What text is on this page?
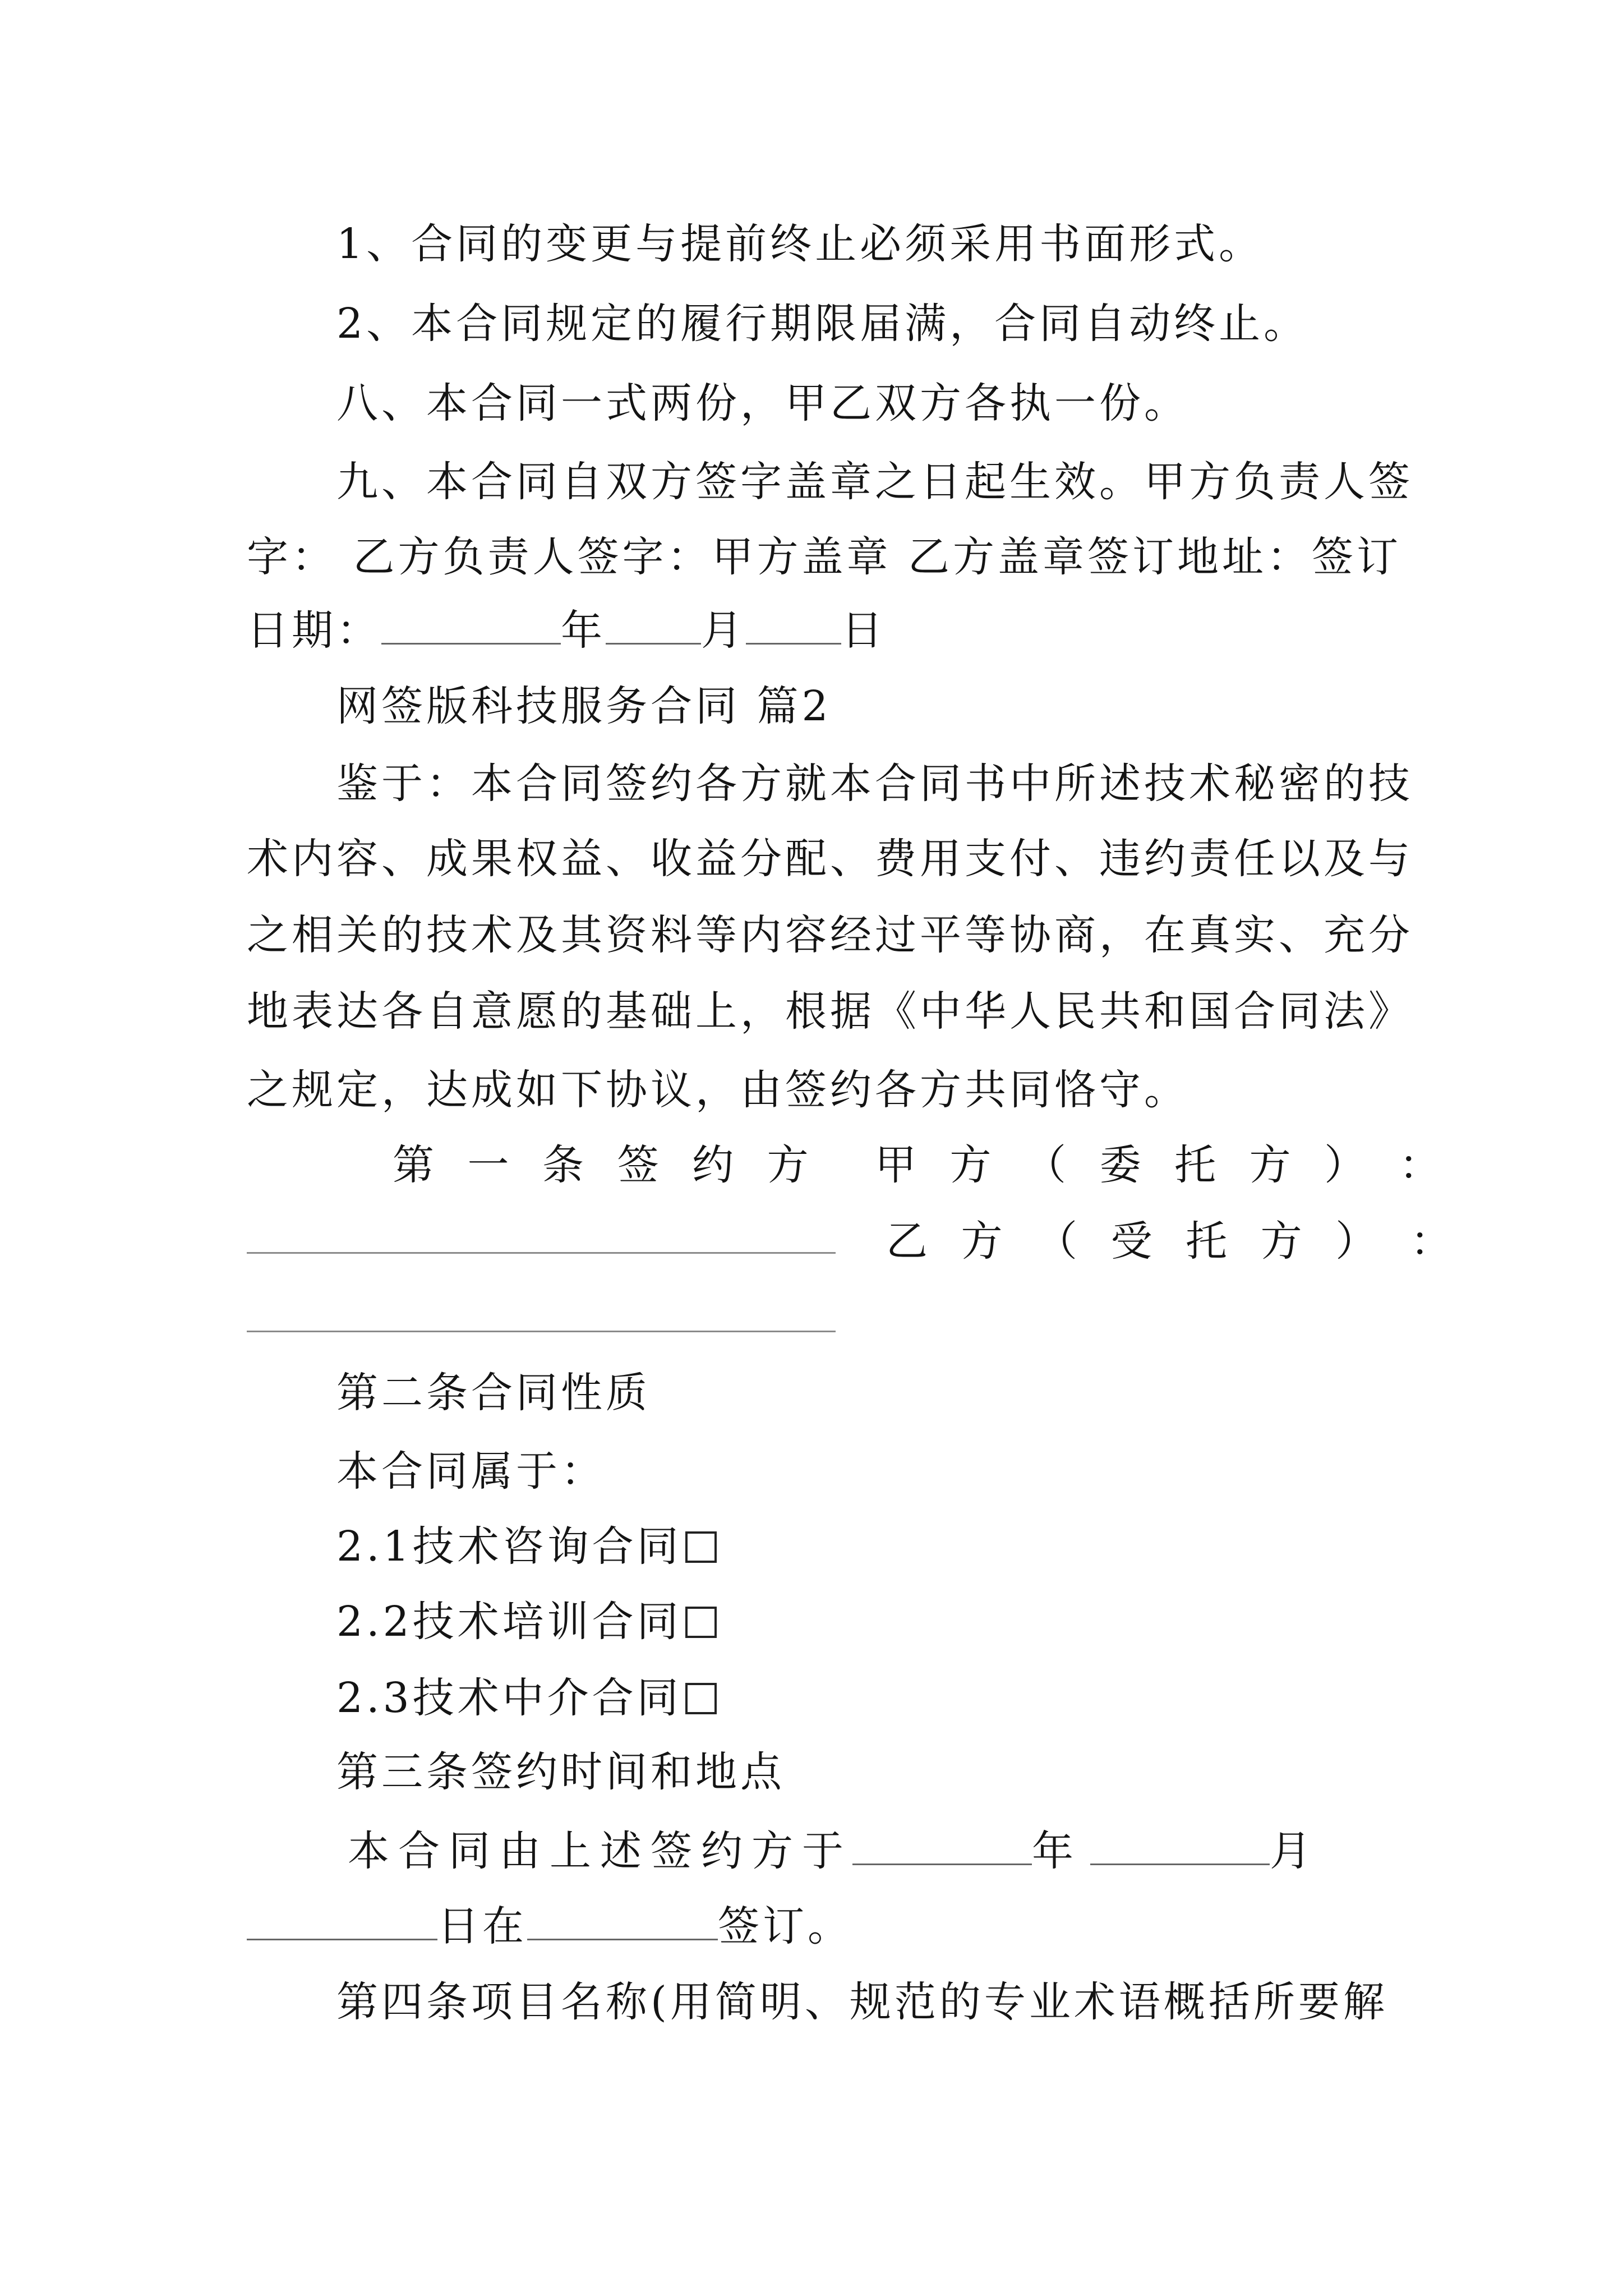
1、合同的变更与提前终止必须采用书面形式。
2、本合同规定的履行期限届满，合同自动终止。
八、本合同一式两份，甲乙双方各执一份。
九、本合同自双方签字盖章之日起生效。甲方负责人签
字： 乙方负责人签字：甲方盖章 乙方盖章签订地址：签订
日期：	年 月 日
网签版科技服务合同 篇2
鉴于：本合同签约各方就本合同书中所述技术秘密的技
术内容、成果权益、收益分配、费用支付、违约责任以及与
之相关的技术及其资料等内容经过平等协商，在真实、充分
地表达各自意愿的基础上，根据《中华人民共和国合同法》
之规定，达成如下协议，由签约各方共同恪守。
第 一 条 签 约 方	甲 方 （ 委 托 方 ） ：
乙 方 （ 受 托 方 ） ：
第二条合同性质
本合同属于：
2.1技术咨询合同
2.2技术培训合同
2.3技术中介合同
第三条签约时间和地点
本合同由上述签约方于	年	月
日在	签订。
第四条项目名称(用简明、规范的专业术语概括所要解
